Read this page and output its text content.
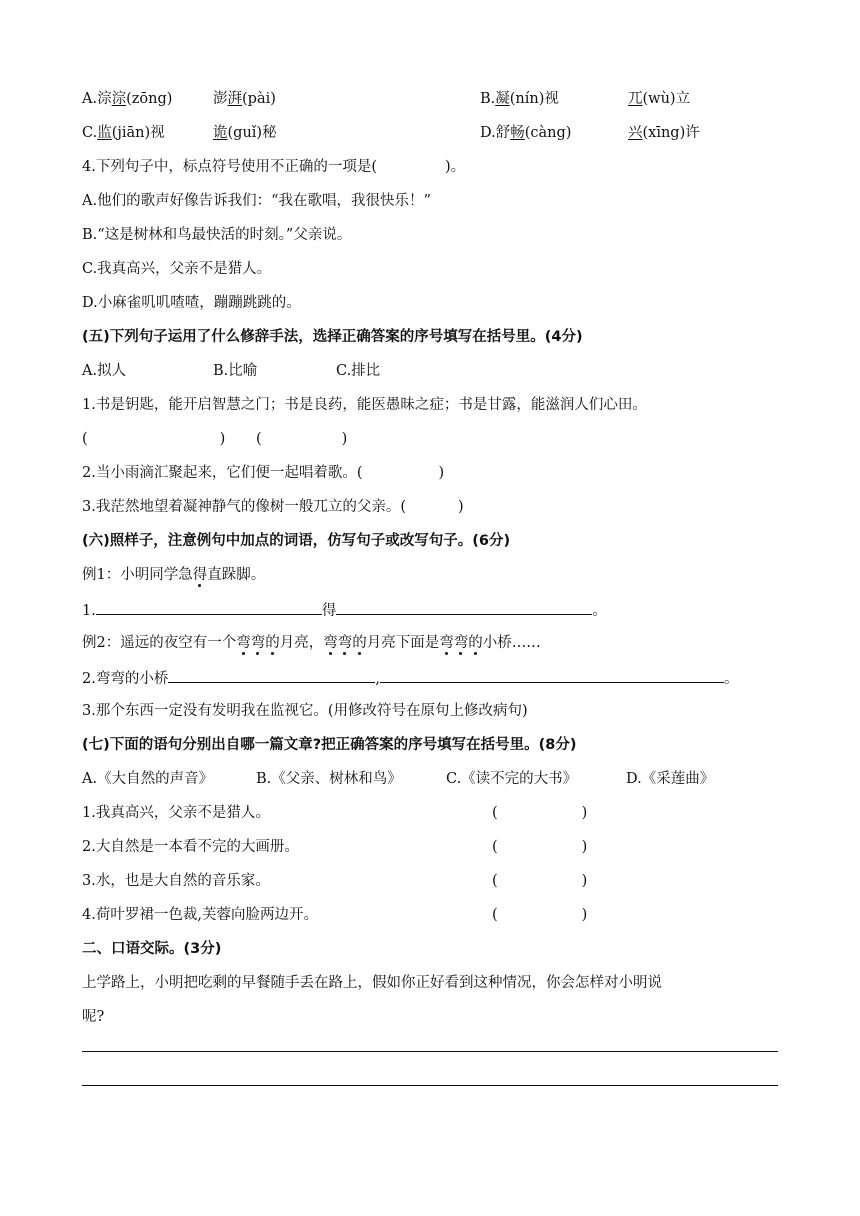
A.淙淙(zōng)	澎湃(pài)	B.凝(nín)视	兀(wù)立
C.监(jiān)视	诡(guǐ)秘	D.舒畅(càng)	兴(xīng)许
4.下列句子中，标点符号使用不正确的一项是(	)。
A.他们的歌声好像告诉我们：“我在歌唱，我很快乐！”
B.“这是树林和鸟最快活的时刻。”父亲说。
C.我真高兴，父亲不是猎人。
D.小麻雀叽叽喳喳，蹦蹦跳跳的。
(五)下列句子运用了什么修辞手法，选择正确答案的序号填写在括号里。(4分)
A.拟人	B.比喻	C.排比
1.书是钥匙，能开启智慧之门；书是良药，能医愚昧之症；书是甘露，能滋润人们心田。
(	) (	)
2.当小雨滴汇聚起来，它们便一起唱着歌。(	)
3.我茫然地望着凝神静气的像树一般兀立的父亲。(	)
(六)照样子，注意例句中加点的词语，仿写句子或改写句子。(6分)
例1：小明同学急得直跺脚。
1.	得	。
例2：遥远的夜空有一个弯弯的月亮，弯弯的月亮下面是弯弯的小桥……
2.弯弯的小桥	,	。
3.那个东西一定没有发明我在监视它。(用修改符号在原句上修改病句)
(七)下面的语句分别出自哪一篇文章?把正确答案的序号填写在括号里。(8分)
A.《大自然的声音》	B.《父亲、树林和鸟》	C.《读不完的大书》	D.《采莲曲》
1.我真高兴，父亲不是猎人。	(	)
2.大自然是一本看不完的大画册。	(	)
3.水，也是大自然的音乐家。	(	)
4.荷叶罗裙一色裁,芙蓉向脸两边开。	(	)
二、口语交际。(3分)
上学路上，小明把吃剩的早餐随手丢在路上，假如你正好看到这种情况，你会怎样对小明说
呢?
